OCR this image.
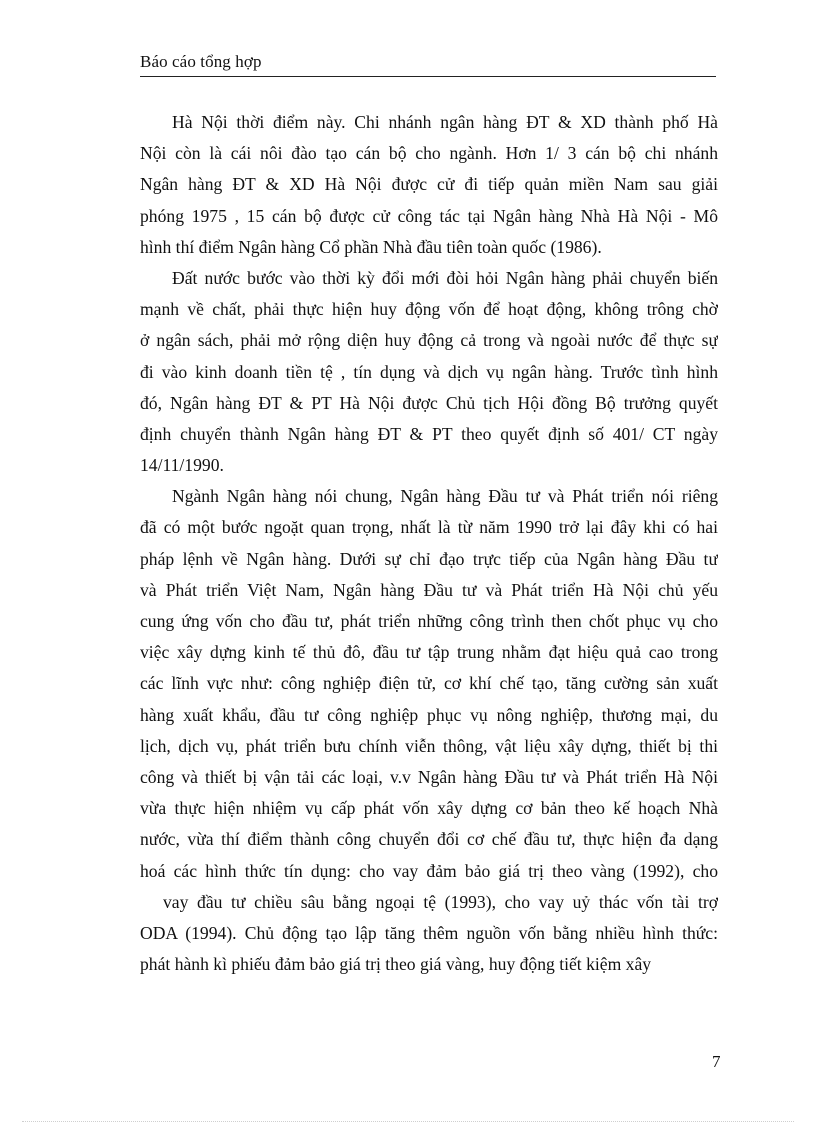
Báo cáo tổng hợp

Hà Nội thời điểm này. Chi nhánh ngân hàng ĐT & XD thành phố Hà
Nội còn là cái nôi đào tạo cán bộ cho ngành. Hơn 1/ 3 cán bộ chi nhánh
Ngân hàng ĐT & XD Hà Nội được cử đi tiếp quản miền Nam sau giải
phóng 1975 , 15 cán bộ được cử công tác tại Ngân hàng Nhà Hà Nội - Mô
hình thí điểm Ngân hàng Cổ phần Nhà đầu tiên toàn quốc (1986).

Đất nước bước vào thời kỳ đổi mới đòi hỏi Ngân hàng phải chuyển biến
mạnh về chất, phải thực hiện huy động vốn để hoạt động, không trông chờ
ở ngân sách, phải mở rộng diện huy động cả trong và ngoài nước để thực sự
đi vào kinh doanh tiền tệ , tín dụng và dịch vụ ngân hàng. Trước tình hình
đó, Ngân hàng ĐT & PT Hà Nội được Chủ tịch Hội đồng Bộ trưởng quyết
định chuyển thành Ngân hàng ĐT & PT theo quyết định số 401/ CT ngày
14/11/1990.

Ngành Ngân hàng nói chung, Ngân hàng Đầu tư và Phát triển nói riêng
đã có một bước ngoặt quan trọng, nhất là từ năm 1990 trở lại đây khi có hai
pháp lệnh về Ngân hàng. Dưới sự chỉ đạo trực tiếp của Ngân hàng Đầu tư
và Phát triển Việt Nam, Ngân hàng Đầu tư và Phát triển Hà Nội chủ yếu
cung ứng vốn cho đầu tư, phát triển những công trình then chốt phục vụ cho
việc xây dựng kinh tế thủ đô, đầu tư tập trung nhằm đạt hiệu quả cao trong
các lĩnh vực như: công nghiệp điện tử, cơ khí chế tạo, tăng cường sản xuất
hàng xuất khẩu, đầu tư công nghiệp phục vụ nông nghiệp, thương mại, du
lịch, dịch vụ, phát triển bưu chính viễn thông, vật liệu xây dựng, thiết bị thi
công và thiết bị vận tải các loại, v.v Ngân hàng Đầu tư và Phát triển Hà Nội
vừa thực hiện nhiệm vụ cấp phát vốn xây dựng cơ bản theo kế hoạch Nhà
nước, vừa thí điểm thành công chuyển đổi cơ chế đầu tư, thực hiện đa dạng
hoá các hình thức tín dụng: cho vay đảm bảo giá trị theo vàng (1992), cho

vay đầu tư chiều sâu bằng ngoại tệ (1993), cho vay uỷ thác vốn tài trợ
ODA (1994). Chủ động tạo lập tăng thêm nguồn vốn bằng nhiều hình thức:
phát hành kì phiếu đảm bảo giá trị theo giá vàng, huy động tiết kiệm xây

7
